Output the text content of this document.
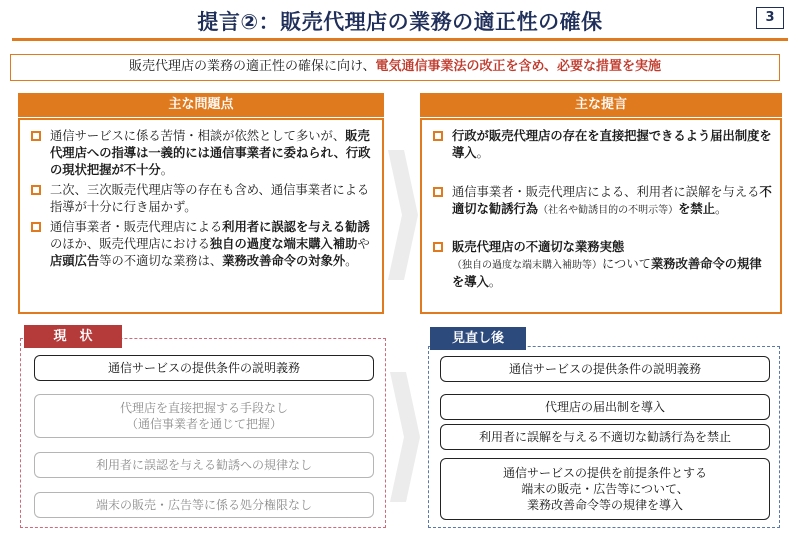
提言②：販売代理店の業務の適正性の確保	3
販売代理店の業務の適正性の確保に向け、電気通信事業法の改正を含め、必要な措置を実施
主な問題点
通信サービスに係る苦情・相談が依然として多いが、販売代理店への指導は一義的には通信事業者に委ねられ、行政の現状把握が不十分。
二次、三次販売代理店等の存在も含め、通信事業者による指導が十分に行き届かず。
通信事業者・販売代理店による利用者に誤認を与える勧誘のほか、販売代理店における独自の過度な端末購入補助や店頭広告等の不適切な業務は、業務改善命令の対象外。
主な提言
行政が販売代理店の存在を直接把握できるよう届出制度を導入。
通信事業者・販売代理店による、利用者に誤解を与える不適切な勧誘行為（社名や勧誘目的の不明示等）を禁止。
販売代理店の不適切な業務実態（独自の過度な端末購入補助等）について業務改善命令の規律を導入。
現　状
通信サービスの提供条件の説明義務
代理店を直接把握する手段なし
（通信事業者を通じて把握）
利用者に誤認を与える勧誘への規律なし
端末の販売・広告等に係る処分権限なし
見直し後
通信サービスの提供条件の説明義務
代理店の届出制を導入
利用者に誤解を与える不適切な勧誘行為を禁止
通信サービスの提供を前提条件とする
端末の販売・広告等について、
業務改善命令等の規律を導入
